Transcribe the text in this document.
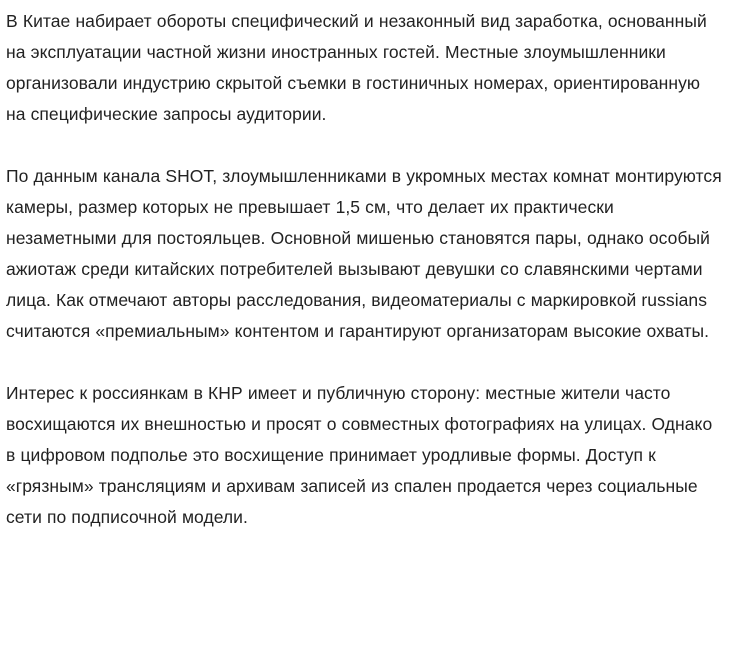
В Китае набирает обороты специфический и незаконный вид заработка, основанный на эксплуатации частной жизни иностранных гостей. Местные злоумышленники организовали индустрию скрытой съемки в гостиничных номерах, ориентированную на специфические запросы аудитории.

По данным канала SHOT, злоумышленниками в укромных местах комнат монтируются камеры, размер которых не превышает 1,5 см, что делает их практически незаметными для постояльцев. Основной мишенью становятся пары, однако особый ажиотаж среди китайских потребителей вызывают девушки со славянскими чертами лица. Как отмечают авторы расследования, видеоматериалы с маркировкой russians считаются «премиальным» контентом и гарантируют организаторам высокие охваты.

Интерес к россиянкам в КНР имеет и публичную сторону: местные жители часто восхищаются их внешностью и просят о совместных фотографиях на улицах. Однако в цифровом подполье это восхищение принимает уродливые формы. Доступ к «грязным» трансляциям и архивам записей из спален продается через социальные сети по подписочной модели.
